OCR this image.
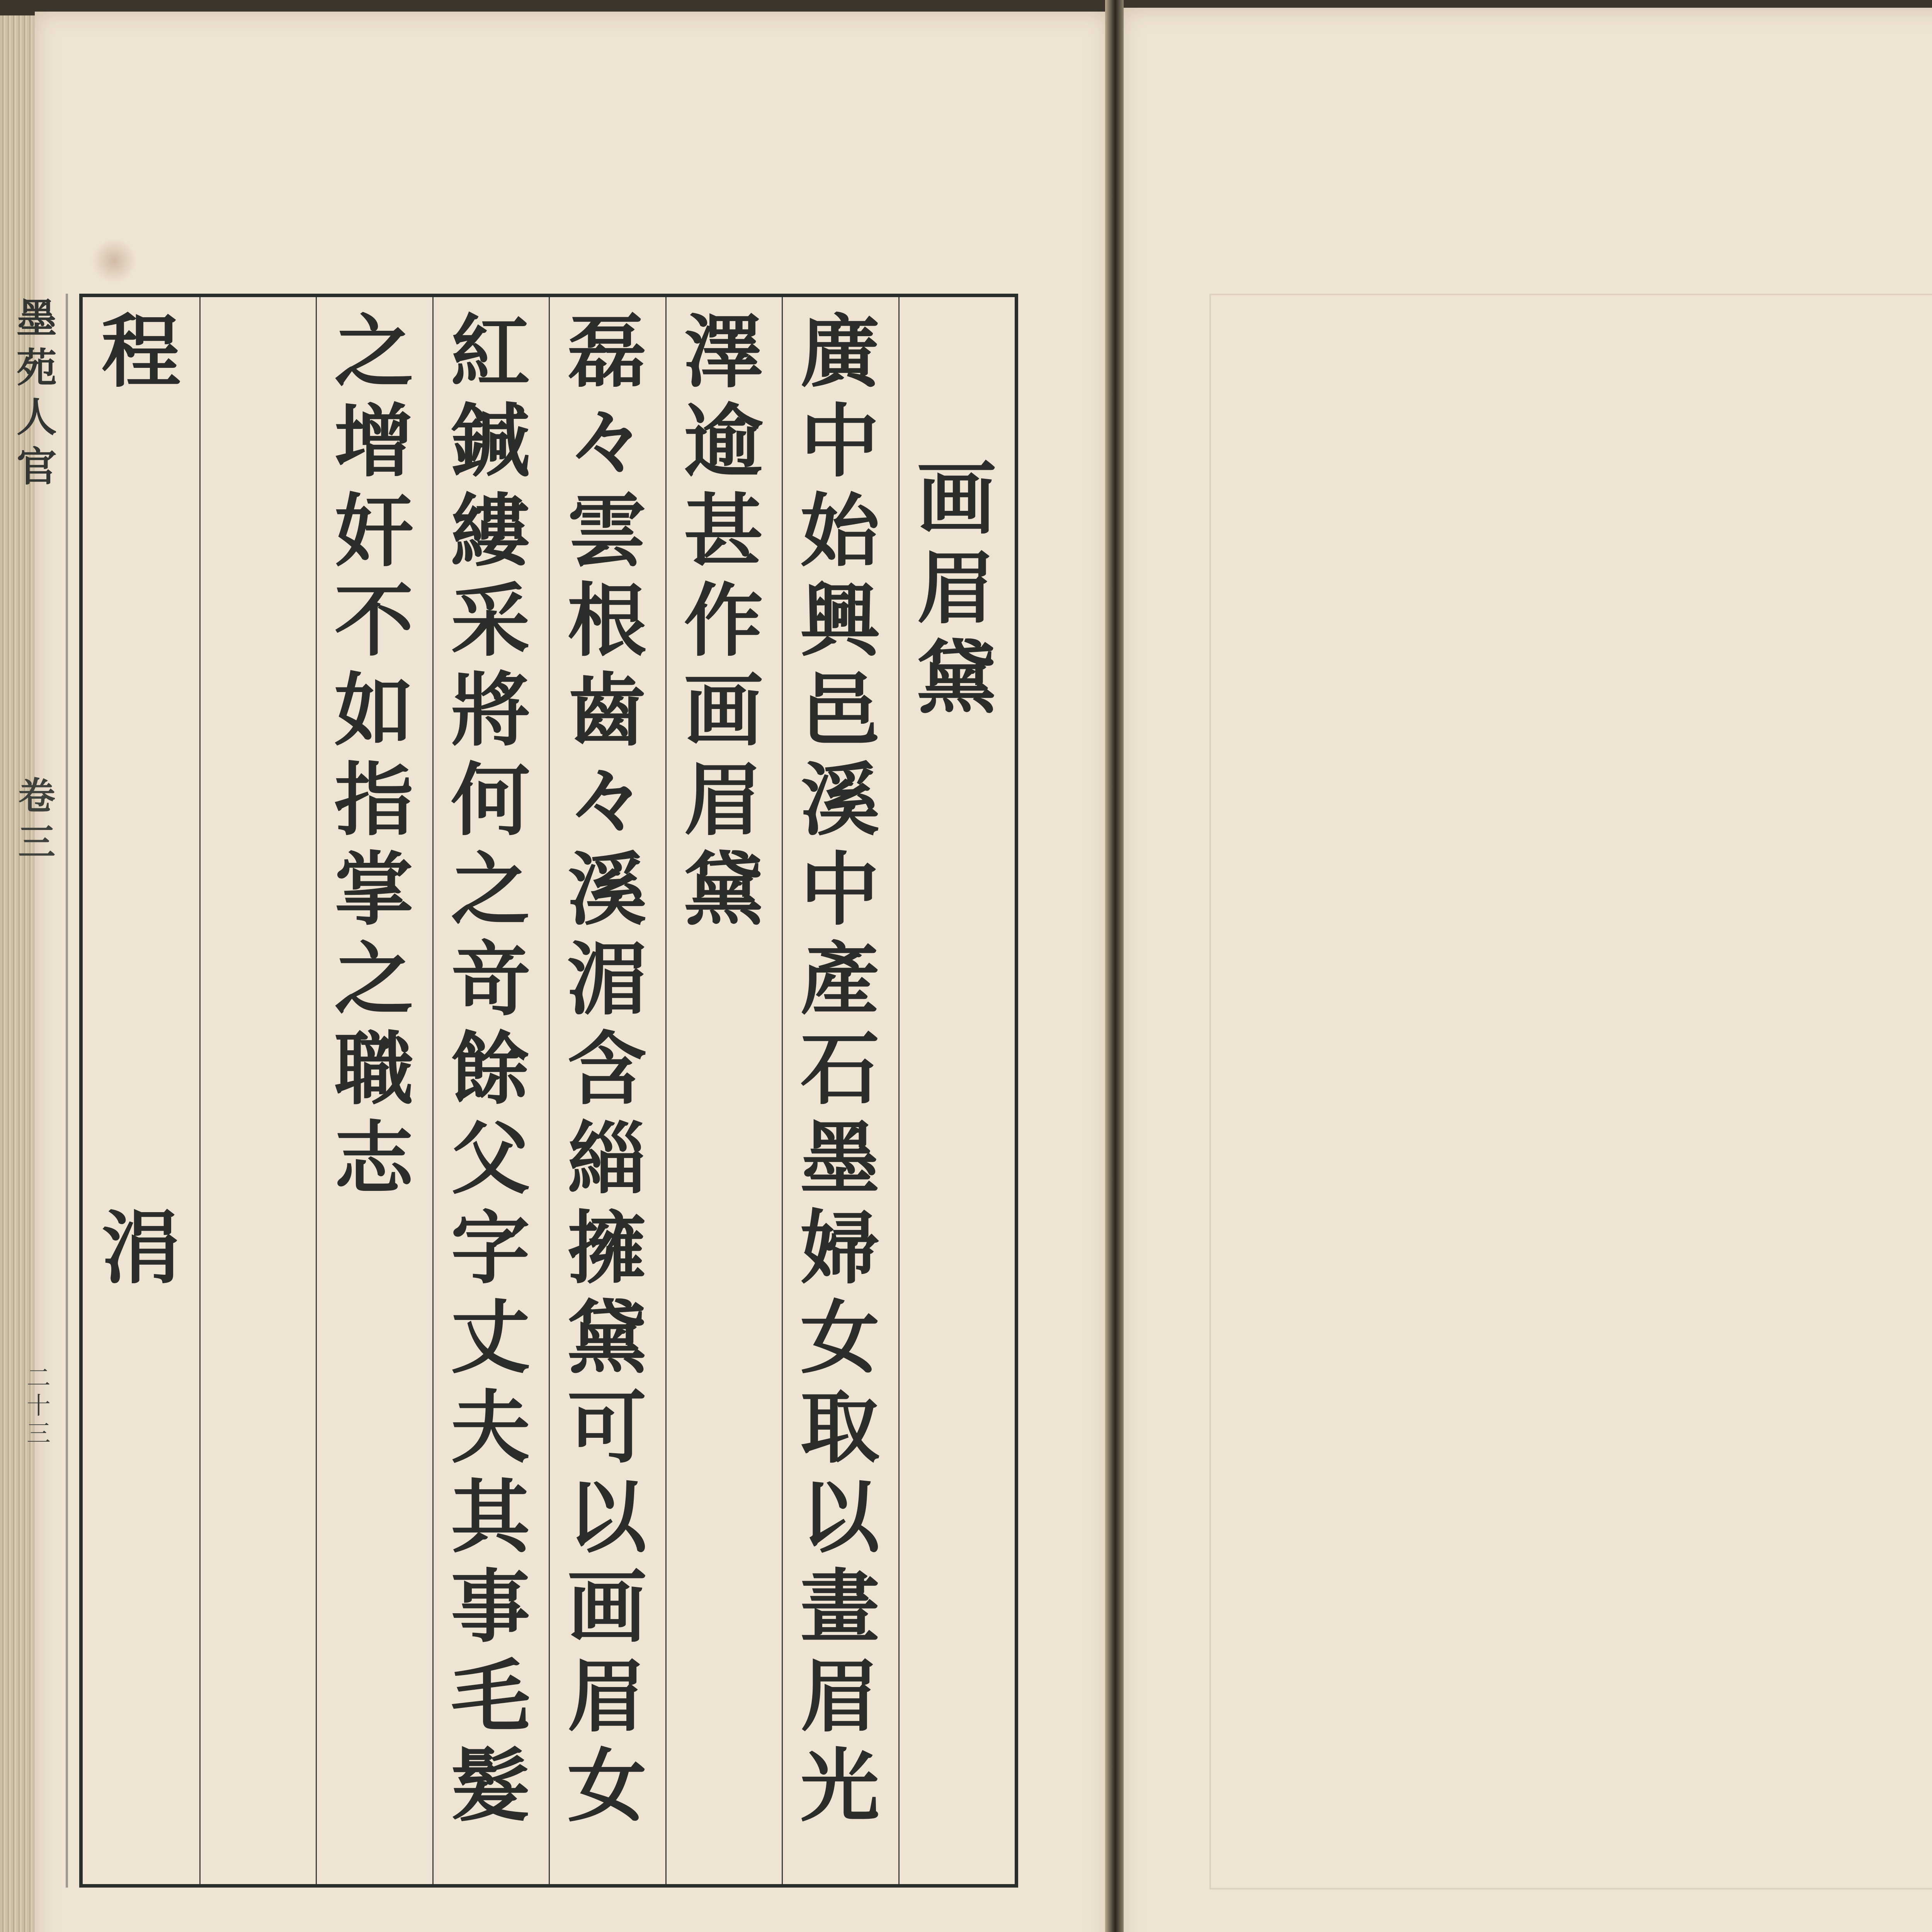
墨
苑
人
官
卷
三
二
十
三
画
眉
黛
廣
中
始
興
邑
溪
中
產
石
墨
婦
女
取
以
畫
眉
光
澤
逾
甚
作
画
眉
黛
磊
々
雲
根
齒
々
溪
湄
含
緇
擁
黛
可
以
画
眉
女
紅
鍼
縷
采
將
何
之
竒
餘
父
字
丈
夫
其
事
毛
髮
之
增
奸
不
如
指
掌
之
職
志
程
涓
